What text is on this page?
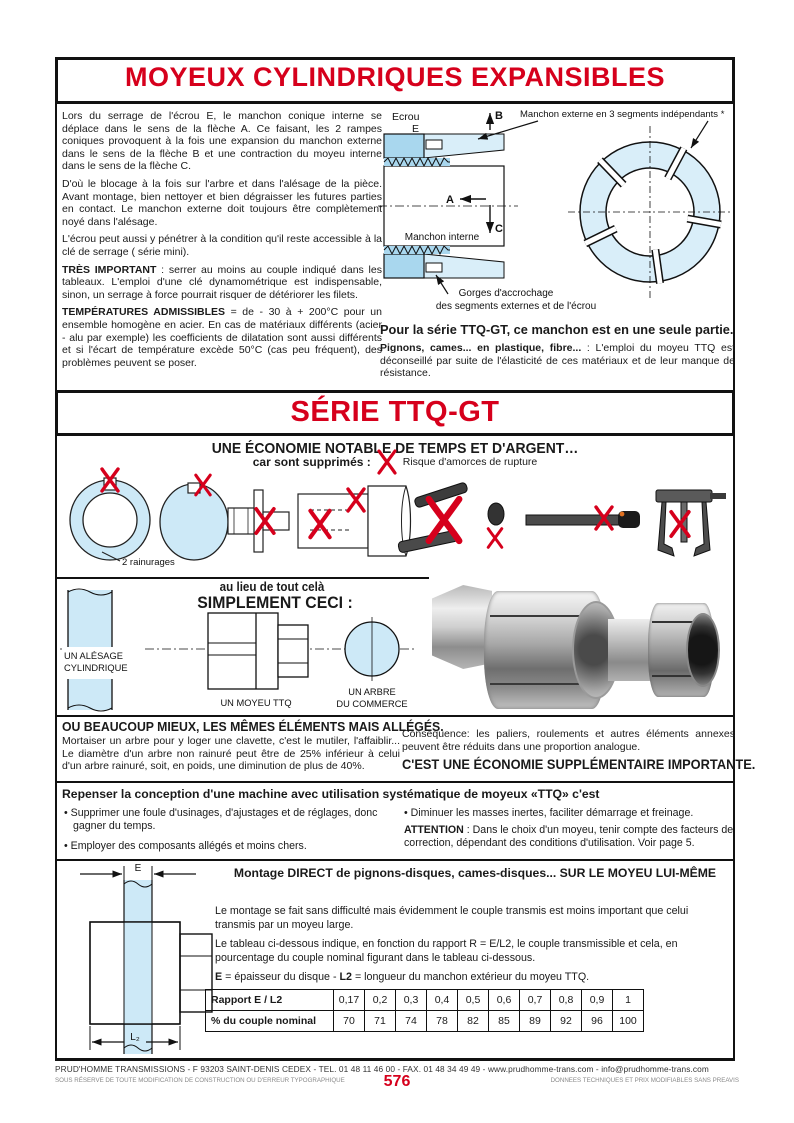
MOYEUX CYLINDRIQUES EXPANSIBLES

Lors du serrage de l'écrou E, le manchon conique interne se déplace dans le sens de la flèche A. Ce faisant, les 2 rampes coniques provoquent à la fois une expansion du manchon externe dans le sens de la flèche B et une contraction du moyeu interne dans le sens de la flèche C.

D'où le blocage à la fois sur l'arbre et dans l'alésage de la pièce. Avant montage, bien nettoyer et bien dégraisser les futures parties en contact. Le manchon externe doit toujours être complètement noyé dans l'alésage.

L'écrou peut aussi y pénétrer à la condition qu'il reste accessible à la clé de serrage ( série mini).

TRÈS IMPORTANT : serrer au moins au couple indiqué dans les tableaux. L'emploi d'une clé dynamométrique est indispensable, sinon, un serrage à force pourrait risquer de détériorer les filets.

TEMPÉRATURES ADMISSIBLES = de - 30 à + 200°C pour un ensemble homogène en acier. En cas de matériaux différents (acier - alu par exemple) les coefficients de dilatation sont aussi différents et si l'écart de température excède 50°C (cas peu fréquent), des problèmes peuvent se poser.

B
A
C
Ecrou
E
Manchon interne
Gorges d'accrochage
des segments externes et de l'écrou
Manchon externe en 3 segments indépendants *
Pour la série TTQ-GT, ce manchon est en une seule partie.
Pignons, cames... en plastique, fibre... : L'emploi du moyeu TTQ est déconseillé par suite de l'élasticité de ces matériaux et de leur manque de résistance.
SÉRIE TTQ-GT
UNE ÉCONOMIE NOTABLE DE TEMPS ET D'ARGENT…
car sont supprimés :	Risque d'amorces de rupture
2 rainurages
UN ALÉSAGE
CYLINDRIQUE
UN MOYEU TTQ
UN ARBRE
DU COMMERCE
au lieu de tout celà
SIMPLEMENT CECI :
OU BEAUCOUP MIEUX, LES MÊMES ÉLÉMENTS MAIS ALLÉGÉS.
Mortaiser un arbre pour y loger une clavette, c'est le mutiler, l'affaiblir... Le diamètre d'un arbre non rainuré peut être de 25% inférieur à celui d'un arbre rainuré, soit, en poids, une diminution de plus de 40%.
Conséquence: les paliers, roulements et autres éléments annexes peuvent être réduits dans une proportion analogue.
C'EST UNE ÉCONOMIE SUPPLÉMENTAIRE IMPORTANTE.
Repenser la conception d'une machine avec utilisation systématique de moyeux «TTQ» c'est
• Supprimer une foule d'usinages, d'ajustages et de réglages, donc gagner du temps.
• Employer des composants allégés et moins chers.
• Diminuer les masses inertes, faciliter démarrage et freinage.
ATTENTION : Dans le choix d'un moyeu, tenir compte des facteurs de correction, dépendant des conditions d'utilisation. Voir page 5.
E
L₂
Montage DIRECT de pignons-disques, cames-disques... SUR LE MOYEU LUI-MÊME
Le montage se fait sans difficulté mais évidemment le couple transmis est moins important que celui transmis par un moyeu large.
Le tableau ci-dessous indique, en fonction du rapport R = E/L2, le couple transmissible et cela, en pourcentage du couple nominal figurant dans le tableau ci-dessous.
E = épaisseur du disque - L2 = longueur du manchon extérieur du moyeu TTQ.
Rapport E / L2	0,17	0,2	0,3	0,4	0,5	0,6	0,7	0,8	0,9	1
% du couple nominal	70	71	74	78	82	85	89	92	96	100
PRUD'HOMME TRANSMISSIONS - F 93203 SAINT-DENIS CEDEX - TEL. 01 48 11 46 00 - FAX. 01 48 34 49 49 - www.prudhomme-trans.com - info@prudhomme-trans.com
SOUS RÉSERVE DE TOUTE MODIFICATION DE CONSTRUCTION OU D'ERREUR TYPOGRAPHIQUE	DONNEES TECHNIQUES ET PRIX MODIFIABLES SANS PREAVIS
576
